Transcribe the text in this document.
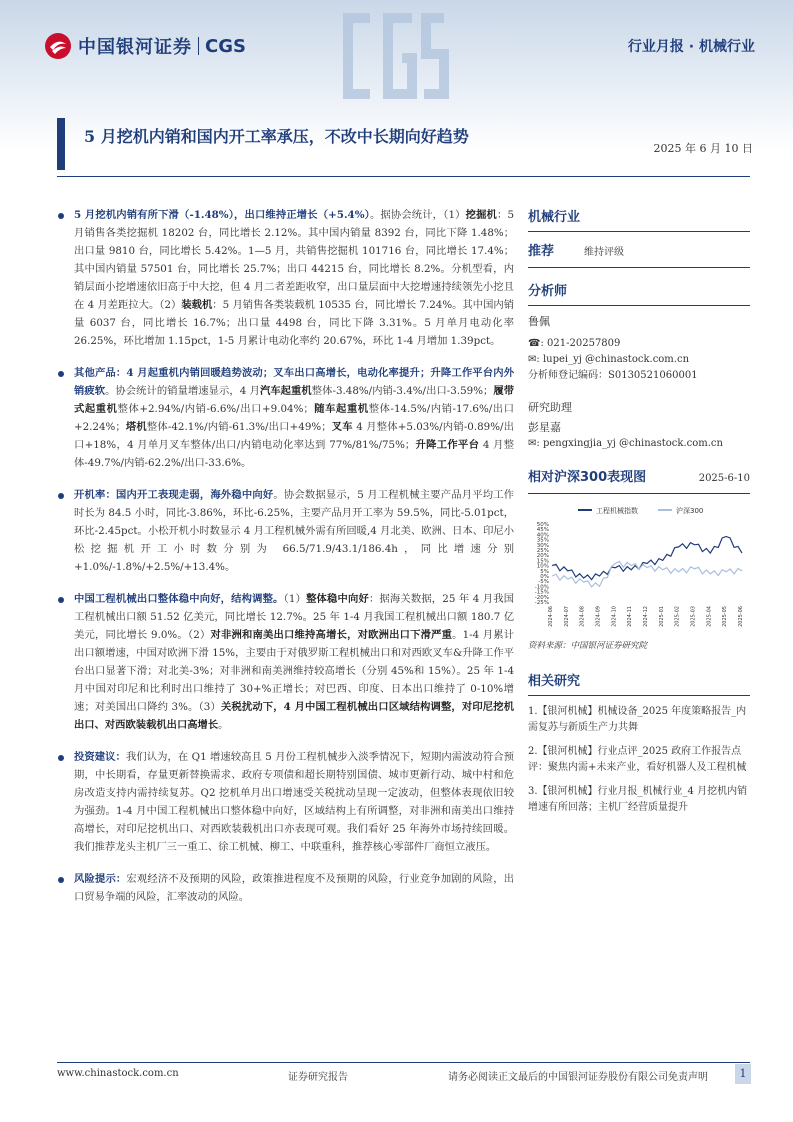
中国银河证券 CGS	行业月报 · 机械行业
5 月挖机内销和国内开工率承压，不改中长期向好趋势
2025 年 6 月 10 日

5 月挖机内销有所下滑（-1.48%），出口维持正增长（+5.4%）。据协会统计，（1）挖掘机：5 月销售各类挖掘机 18202 台，同比增长 2.12%。其中国内销量 8392 台，同比下降 1.48%；出口量 9810 台，同比增长 5.42%。1—5 月，共销售挖掘机 101716 台，同比增长 17.4%；其中国内销量 57501 台，同比增长 25.7%；出口 44215 台，同比增长 8.2%。分机型看，内销层面小挖增速依旧高于中大挖，但 4 月二者差距收窄，出口量层面中大挖增速持续领先小挖且在 4 月差距拉大。（2）装载机：5 月销售各类装载机 10535 台，同比增长 7.24%。其中国内销量 6037 台，同比增长 16.7%；出口量 4498 台，同比下降 3.31%。5 月单月电动化率 26.25%，环比增加 1.15pct，1-5 月累计电动化率约 20.67%，环比 1-4 月增加 1.39pct。

其他产品：4 月起重机内销回暖趋势波动；叉车出口高增长，电动化率提升；升降工作平台内外销疲软。协会统计的销量增速显示，4 月汽车起重机整体-3.48%/内销-3.4%/出口-3.59%；履带式起重机整体+2.94%/内销-6.6%/出口+9.04%；随车起重机整体-14.5%/内销-17.6%/出口+2.24%；塔机整体-42.1%/内销-61.3%/出口+49%；叉车 4 月整体+5.03%/内销-0.89%/出口+18%，4 月单月叉车整体/出口/内销电动化率达到 77%/81%/75%；升降工作平台 4 月整体-49.7%/内销-62.2%/出口-33.6%。

开机率：国内开工表现走弱，海外稳中向好。协会数据显示，5 月工程机械主要产品月平均工作时长为 84.5 小时，同比-3.86%，环比-6.25%，主要产品月开工率为 59.5%，同比-5.01pct，环比-2.45pct。小松开机小时数显示 4 月工程机械外需有所回暖,4 月北美、欧洲、日本、印尼小松挖掘机开工小时数分别为 66.5/71.9/43.1/186.4h，同比增速分别+1.0%/-1.8%/+2.5%/+13.4%。

中国工程机械出口整体稳中向好，结构调整。（1）整体稳中向好：据海关数据，25 年 4 月我国工程机械出口额 51.52 亿美元，同比增长 12.7%。25 年 1-4 月我国工程机械出口额 180.7 亿美元，同比增长 9.0%。（2）对非洲和南美出口维持高增长，对欧洲出口下滑严重。1-4 月累计出口额增速，中国对欧洲下滑 15%，主要由于对俄罗斯工程机械出口和对西欧叉车&升降工作平台出口显著下滑；对北美-3%；对非洲和南美洲维持较高增长（分别 45%和 15%）。25 年 1-4 月中国对印尼和比利时出口维持了 30+%正增长；对巴西、印度、日本出口维持了 0-10%增速；对美国出口降约 3%。（3）关税扰动下，4 月中国工程机械出口区域结构调整，对印尼挖机出口、对西欧装载机出口高增长。

投资建议：我们认为，在 Q1 增速较高且 5 月份工程机械步入淡季情况下，短期内需波动符合预期，中长期看，存量更新替换需求、政府专项债和超长期特别国债、城市更新行动、城中村和危房改造支持内需持续复苏。Q2 挖机单月出口增速受关税扰动呈现一定波动，但整体表现依旧较为强劲。1-4 月中国工程机械出口整体稳中向好，区域结构上有所调整，对非洲和南美出口维持高增长，对印尼挖机出口、对西欧装载机出口亦表现可观。我们看好 25 年海外市场持续回暖。我们推荐龙头主机厂三一重工、徐工机械、柳工、中联重科，推荐核心零部件厂商恒立液压。

风险提示：宏观经济不及预期的风险，政策推进程度不及预期的风险，行业竞争加剧的风险，出口贸易争端的风险，汇率波动的风险。

机械行业
推荐	维持评级
分析师
鲁佩
☎: 021-20257809
✉: lupei_yj @chinastock.com.cn
分析师登记编码：S0130521060001
研究助理
彭星嘉
✉: pengxingjia_yj @chinastock.com.cn
相对沪深300表现图	2025-6-10
工程机械指数	沪深300
50%
45%
40%
35%
30%
25%
20%
15%
10%
5%
0%
-5%
-10%
-15%
-20%
-25%
2024-06 2024-07 2024-08 2024-09 2024-10 2024-11 2024-12 2025-01 2025-02 2025-03 2025-04 2025-05 2025-06
资料来源：中国银河证券研究院
相关研究
1.【银河机械】机械设备_2025 年度策略报告_内需复苏与新质生产力共舞
2.【银河机械】行业点评_2025 政府工作报告点评：聚焦内需+未来产业，看好机器人及工程机械
3.【银河机械】行业月报_机械行业_4 月挖机内销增速有所回落；主机厂经营质量提升
www.chinastock.com.cn	证券研究报告	请务必阅读正文最后的中国银河证券股份有限公司免责声明	1
